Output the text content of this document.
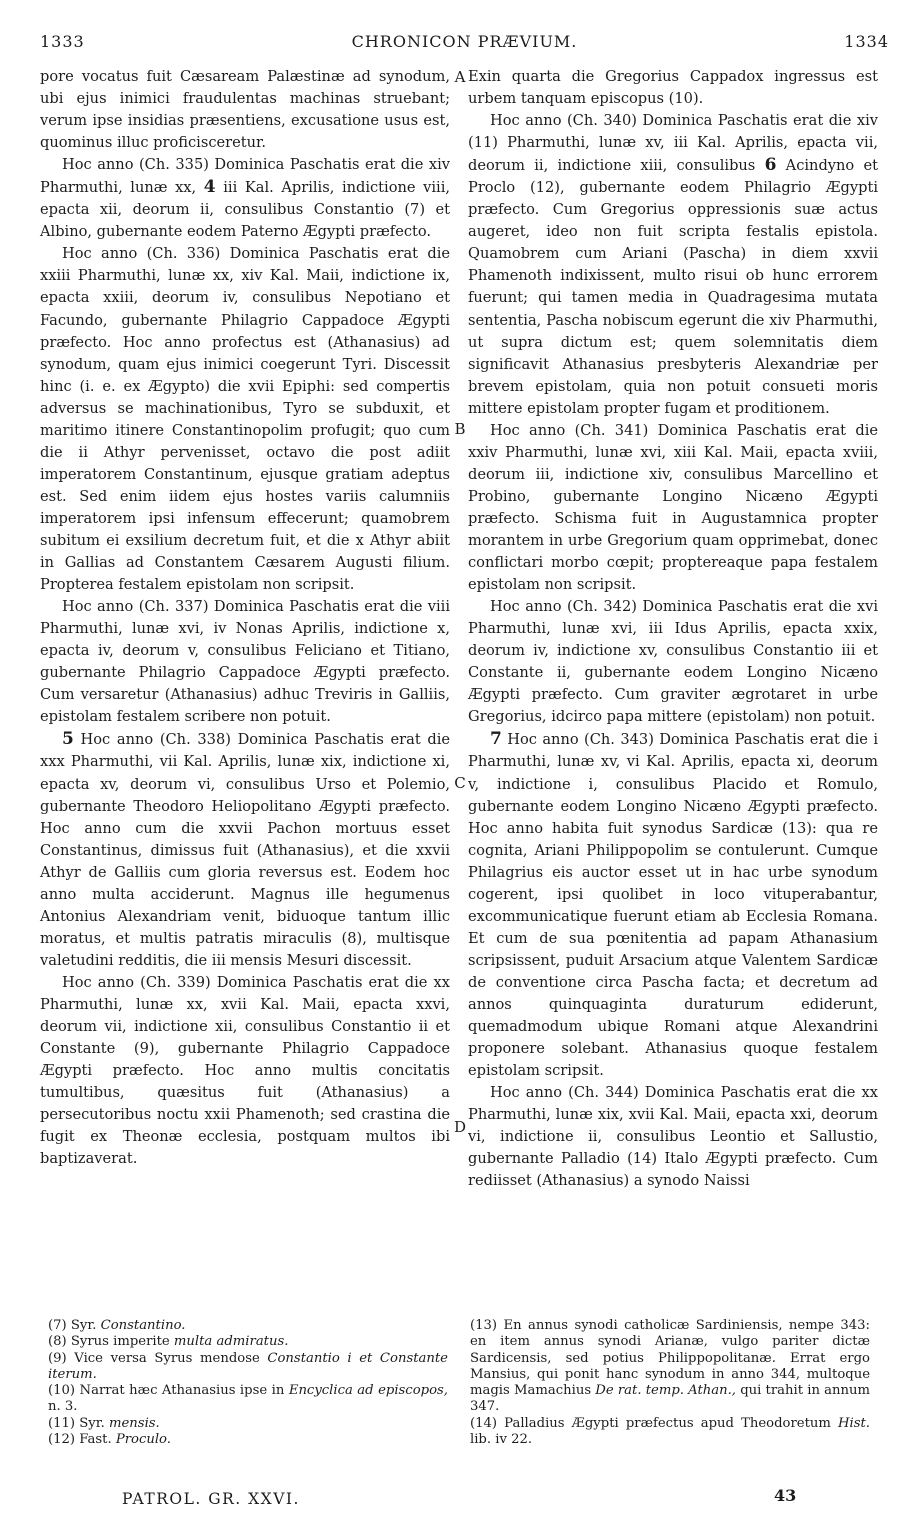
1333	CHRONICON PRÆVIUM.	1334

pore vocatus fuit Cæsaream Palæstinæ ad synodum, ubi ejus inimici fraudulentas machinas struebant; verum ipse insidias præsentiens, excusatione usus est, quominus illuc proficisceretur.

Hoc anno (Ch. 335) Dominica Paschatis erat die xiv Pharmuthi, lunæ xx, 4 iii Kal. Aprilis, indictione viii, epacta xii, deorum ii, consulibus Constantio (7) et Albino, gubernante eodem Paterno Ægypti præfecto.

Hoc anno (Ch. 336) Dominica Paschatis erat die xxiii Pharmuthi, lunæ xx, xiv Kal. Maii, indictione ix, epacta xxiii, deorum iv, consulibus Nepotiano et Facundo, gubernante Philagrio Cappadoce Ægypti præfecto. Hoc anno profectus est (Athanasius) ad synodum, quam ejus inimici coegerunt Tyri. Discessit hinc (i. e. ex Ægypto) die xvii Epiphi: sed compertis adversus se machinationibus, Tyro se subduxit, et maritimo itinere Constantinopolim profugit; quo cum die ii Athyr pervenisset, octavo die post adiit imperatorem Constantinum, ejusque gratiam adeptus est. Sed enim iidem ejus hostes variis calumniis imperatorem ipsi infensum effecerunt; quamobrem subitum ei exsilium decretum fuit, et die x Athyr abiit in Gallias ad Constantem Cæsarem Augusti filium. Propterea festalem epistolam non scripsit.

Hoc anno (Ch. 337) Dominica Paschatis erat die viii Pharmuthi, lunæ xvi, iv Nonas Aprilis, indictione x, epacta iv, deorum v, consulibus Feliciano et Titiano, gubernante Philagrio Cappadoce Ægypti præfecto. Cum versaretur (Athanasius) adhuc Treviris in Galliis, epistolam festalem scribere non potuit.

5 Hoc anno (Ch. 338) Dominica Paschatis erat die xxx Pharmuthi, vii Kal. Aprilis, lunæ xix, indictione xi, epacta xv, deorum vi, consulibus Urso et Polemio, gubernante Theodoro Heliopolitano Ægypti præfecto. Hoc anno cum die xxvii Pachon mortuus esset Constantinus, dimissus fuit (Athanasius), et die xxvii Athyr de Galliis cum gloria reversus est. Eodem hoc anno multa acciderunt. Magnus ille hegumenus Antonius Alexandriam venit, biduoque tantum illic moratus, et multis patratis miraculis (8), multisque valetudini redditis, die iii mensis Mesuri discessit.

Hoc anno (Ch. 339) Dominica Paschatis erat die xx Pharmuthi, lunæ xx, xvii Kal. Maii, epacta xxvi, deorum vii, indictione xii, consulibus Constantio ii et Constante (9), gubernante Philagrio Cappadoce Ægypti præfecto. Hoc anno multis concitatis tumultibus, quæsitus fuit (Athanasius) a persecutoribus noctu xxii Phamenoth; sed crastina die fugit ex Theonæ ecclesia, postquam multos ibi baptizaverat.

A
B
C
D

Exin quarta die Gregorius Cappadox ingressus est urbem tanquam episcopus (10).

Hoc anno (Ch. 340) Dominica Paschatis erat die xiv (11) Pharmuthi, lunæ xv, iii Kal. Aprilis, epacta vii, deorum ii, indictione xiii, consulibus 6 Acindyno et Proclo (12), gubernante eodem Philagrio Ægypti præfecto. Cum Gregorius oppressionis suæ actus augeret, ideo non fuit scripta festalis epistola. Quamobrem cum Ariani (Pascha) in diem xxvii Phamenoth indixissent, multo risui ob hunc errorem fuerunt; qui tamen media in Quadragesima mutata sententia, Pascha nobiscum egerunt die xiv Pharmuthi, ut supra dictum est; quem solemnitatis diem significavit Athanasius presbyteris Alexandriæ per brevem epistolam, quia non potuit consueti moris mittere epistolam propter fugam et proditionem.

Hoc anno (Ch. 341) Dominica Paschatis erat die xxiv Pharmuthi, lunæ xvi, xiii Kal. Maii, epacta xviii, deorum iii, indictione xiv, consulibus Marcellino et Probino, gubernante Longino Nicæno Ægypti præfecto. Schisma fuit in Augustamnica propter morantem in urbe Gregorium quam opprimebat, donec conflictari morbo cœpit; proptereaque papa festalem epistolam non scripsit.

Hoc anno (Ch. 342) Dominica Paschatis erat die xvi Pharmuthi, lunæ xvi, iii Idus Aprilis, epacta xxix, deorum iv, indictione xv, consulibus Constantio iii et Constante ii, gubernante eodem Longino Nicæno Ægypti præfecto. Cum graviter ægrotaret in urbe Gregorius, idcirco papa mittere (epistolam) non potuit.

7 Hoc anno (Ch. 343) Dominica Paschatis erat die i Pharmuthi, lunæ xv, vi Kal. Aprilis, epacta xi, deorum v, indictione i, consulibus Placido et Romulo, gubernante eodem Longino Nicæno Ægypti præfecto. Hoc anno habita fuit synodus Sardicæ (13): qua re cognita, Ariani Philippopolim se contulerunt. Cumque Philagrius eis auctor esset ut in hac urbe synodum cogerent, ipsi quolibet in loco vituperabantur, excommunicatique fuerunt etiam ab Ecclesia Romana. Et cum de sua pœnitentia ad papam Athanasium scripsissent, puduit Arsacium atque Valentem Sardicæ de conventione circa Pascha facta; et decretum ad annos quinquaginta duraturum ediderunt, quemadmodum ubique Romani atque Alexandrini proponere solebant. Athanasius quoque festalem epistolam scripsit.

Hoc anno (Ch. 344) Dominica Paschatis erat die xx Pharmuthi, lunæ xix, xvii Kal. Maii, epacta xxi, deorum vi, indictione ii, consulibus Leontio et Sallustio, gubernante Palladio (14) Italo Ægypti præfecto. Cum rediisset (Athanasius) a synodo Naissi

(7) Syr. Constantino.

(8) Syrus imperite multa admiratus.

(9) Vice versa Syrus mendose Constantio i et Constante iterum.

(10) Narrat hæc Athanasius ipse in Encyclica ad episcopos, n. 3.

(11) Syr. mensis.

(12) Fast. Proculo.

(13) En annus synodi catholicæ Sardiniensis, nempe 343: en item annus synodi Arianæ, vulgo pariter dictæ Sardicensis, sed potius Philippopolitanæ. Errat ergo Mansius, qui ponit hanc synodum in anno 344, multoque magis Mamachius De rat. temp. Athan., qui trahit in annum 347.

(14) Palladius Ægypti præfectus apud Theodoretum Hist. lib. iv 22.

PATROL. GR. XXVI.	43
